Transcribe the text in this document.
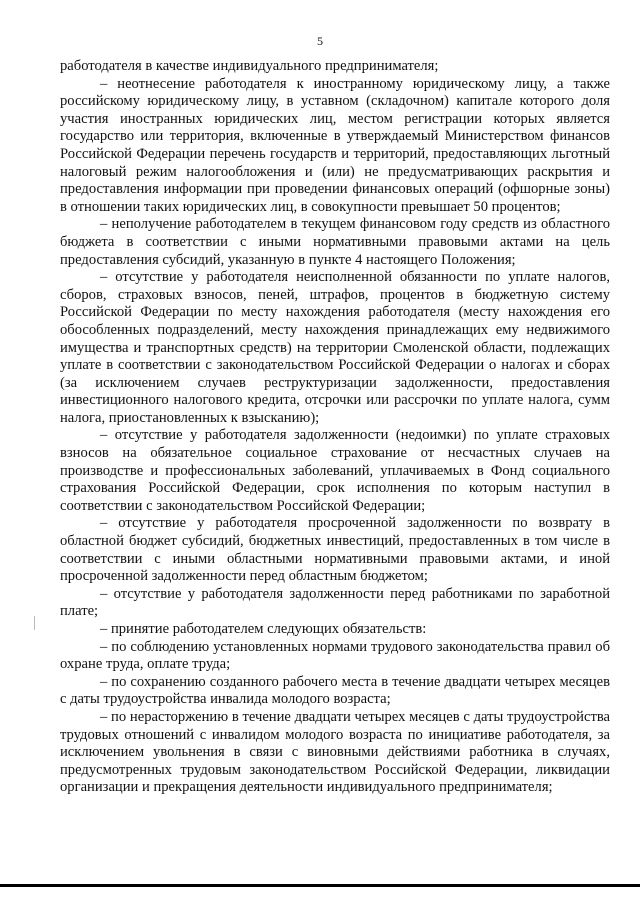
5

работодателя в качестве индивидуального предпринимателя;

– неотнесение работодателя к иностранному юридическому лицу, а также российскому юридическому лицу, в уставном (складочном) капитале которого доля участия иностранных юридических лиц, местом регистрации которых является государство или территория, включенные в утверждаемый Министерством финансов Российской Федерации перечень государств и территорий, предоставляющих льготный налоговый режим налогообложения и (или) не предусматривающих раскрытия и предоставления информации при проведении финансовых операций (офшорные зоны) в отношении таких юридических лиц, в совокупности превышает 50 процентов;

– неполучение работодателем в текущем финансовом году средств из областного бюджета в соответствии с иными нормативными правовыми актами на цель предоставления субсидий, указанную в пункте 4 настоящего Положения;

– отсутствие у работодателя неисполненной обязанности по уплате налогов, сборов, страховых взносов, пеней, штрафов, процентов в бюджетную систему Российской Федерации по месту нахождения работодателя (месту нахождения его обособленных подразделений, месту нахождения принадлежащих ему недвижимого имущества и транспортных средств) на территории Смоленской области, подлежащих уплате в соответствии с законодательством Российской Федерации о налогах и сборах (за исключением случаев реструктуризации задолженности, предоставления инвестиционного налогового кредита, отсрочки или рассрочки по уплате налога, сумм налога, приостановленных к взысканию);

– отсутствие у работодателя задолженности (недоимки) по уплате страховых взносов на обязательное социальное страхование от несчастных случаев на производстве и профессиональных заболеваний, уплачиваемых в Фонд социального страхования Российской Федерации, срок исполнения по которым наступил в соответствии с законодательством Российской Федерации;

– отсутствие у работодателя просроченной задолженности по возврату в областной бюджет субсидий, бюджетных инвестиций, предоставленных в том числе в соответствии с иными областными нормативными правовыми актами, и иной просроченной задолженности перед областным бюджетом;

– отсутствие у работодателя задолженности перед работниками по заработной плате;

– принятие работодателем следующих обязательств:

– по соблюдению установленных нормами трудового законодательства правил об охране труда, оплате труда;

– по сохранению созданного рабочего места в течение двадцати четырех месяцев с даты трудоустройства инвалида молодого возраста;

– по нерасторжению в течение двадцати четырех месяцев с даты трудоустройства трудовых отношений с инвалидом молодого возраста по инициативе работодателя, за исключением увольнения в связи с виновными действиями работника в случаях, предусмотренных трудовым законодательством Российской Федерации, ликвидации организации и прекращения деятельности индивидуального предпринимателя;
